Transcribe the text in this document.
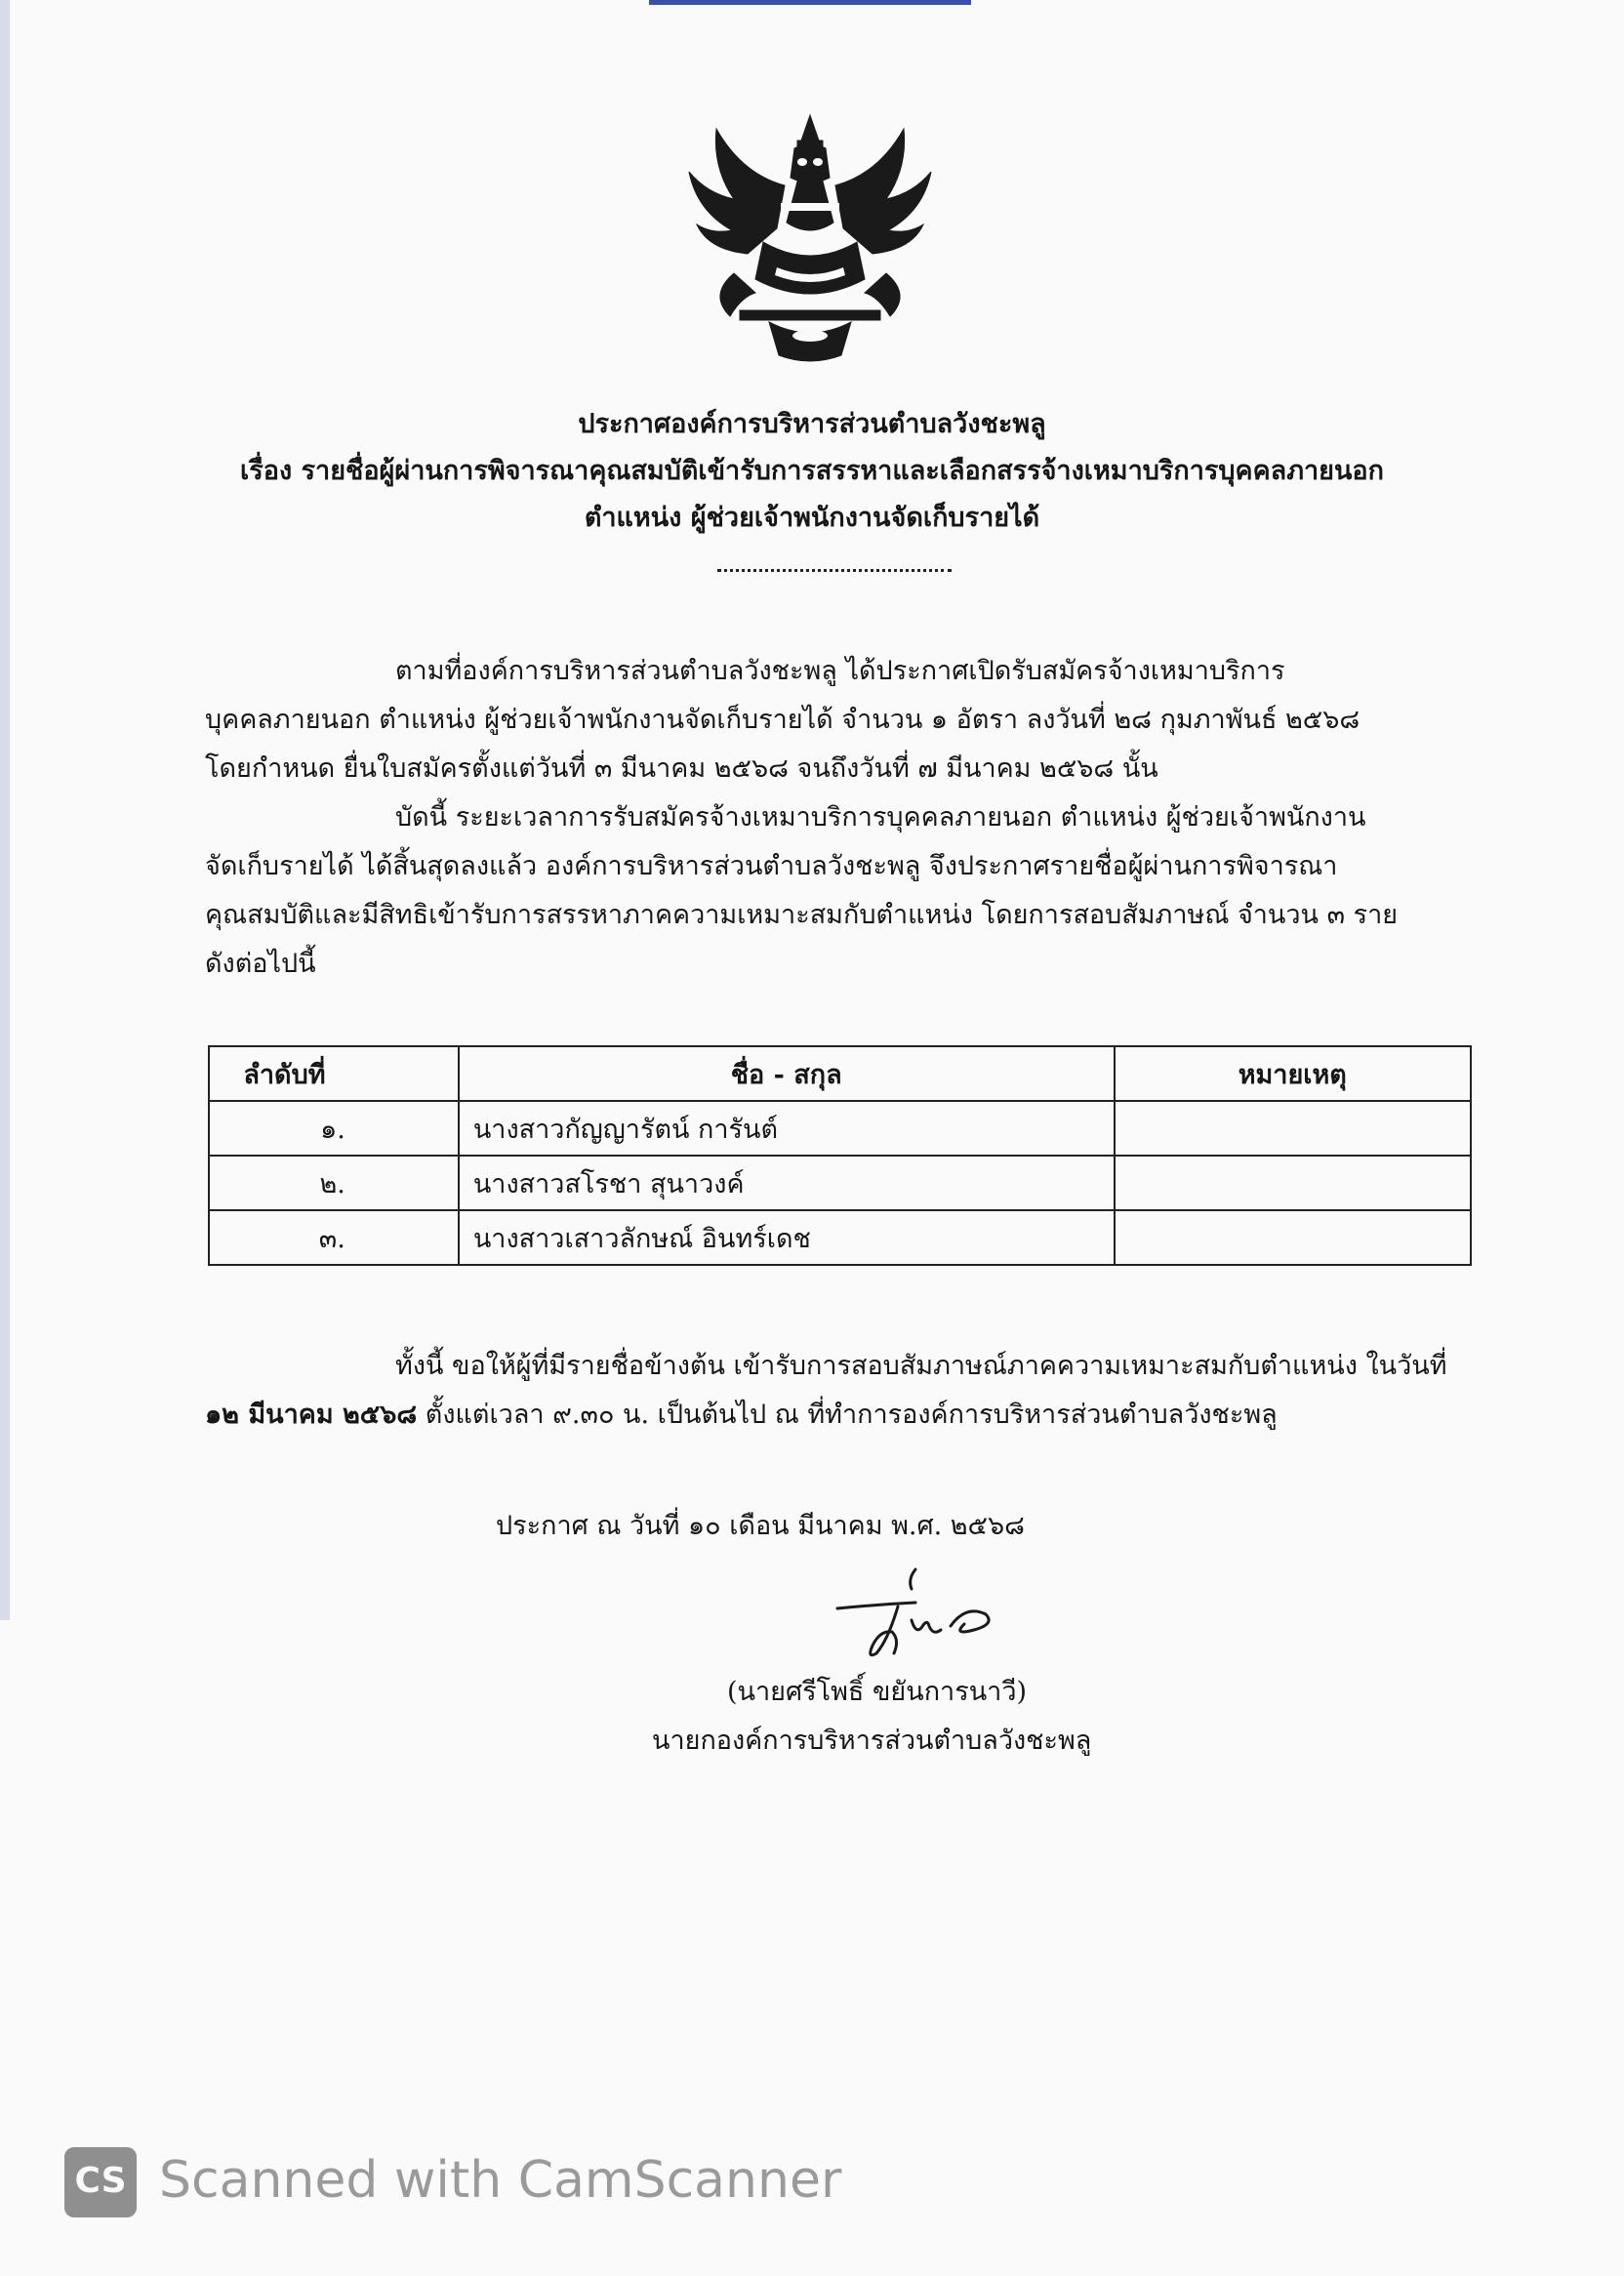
ประกาศองค์การบริหารส่วนตำบลวังชะพลู
เรื่อง รายชื่อผู้ผ่านการพิจารณาคุณสมบัติเข้ารับการสรรหาและเลือกสรรจ้างเหมาบริการบุคคลภายนอก
ตำแหน่ง ผู้ช่วยเจ้าพนักงานจัดเก็บรายได้
ตามที่องค์การบริหารส่วนตำบลวังชะพลู ได้ประกาศเปิดรับสมัครจ้างเหมาบริการ
บุคคลภายนอก ตำแหน่ง ผู้ช่วยเจ้าพนักงานจัดเก็บรายได้ จำนวน ๑ อัตรา ลงวันที่ ๒๘ กุมภาพันธ์ ๒๕๖๘
โดยกำหนด ยื่นใบสมัครตั้งแต่วันที่ ๓ มีนาคม ๒๕๖๘ จนถึงวันที่ ๗ มีนาคม ๒๕๖๘ นั้น
บัดนี้ ระยะเวลาการรับสมัครจ้างเหมาบริการบุคคลภายนอก ตำแหน่ง ผู้ช่วยเจ้าพนักงาน
จัดเก็บรายได้ ได้สิ้นสุดลงแล้ว องค์การบริหารส่วนตำบลวังชะพลู จึงประกาศรายชื่อผู้ผ่านการพิจารณา
คุณสมบัติและมีสิทธิเข้ารับการสรรหาภาคความเหมาะสมกับตำแหน่ง โดยการสอบสัมภาษณ์ จำนวน ๓ ราย
ดังต่อไปนี้
ลำดับที่	ชื่อ - สกุล	หมายเหตุ
๑.	นางสาวกัญญารัตน์ การันต์	
๒.	นางสาวสโรชา สุนาวงค์	
๓.	นางสาวเสาวลักษณ์ อินทร์เดช	
ทั้งนี้ ขอให้ผู้ที่มีรายชื่อข้างต้น เข้ารับการสอบสัมภาษณ์ภาคความเหมาะสมกับตำแหน่ง ในวันที่
๑๒ มีนาคม ๒๕๖๘ ตั้งแต่เวลา ๙.๓๐ น. เป็นต้นไป ณ ที่ทำการองค์การบริหารส่วนตำบลวังชะพลู
ประกาศ ณ วันที่ ๑๐ เดือน มีนาคม พ.ศ. ๒๕๖๘
(นายศรีโพธิ์ ขยันการนาวี)
นายกองค์การบริหารส่วนตำบลวังชะพลู
CS Scanned with CamScanner
